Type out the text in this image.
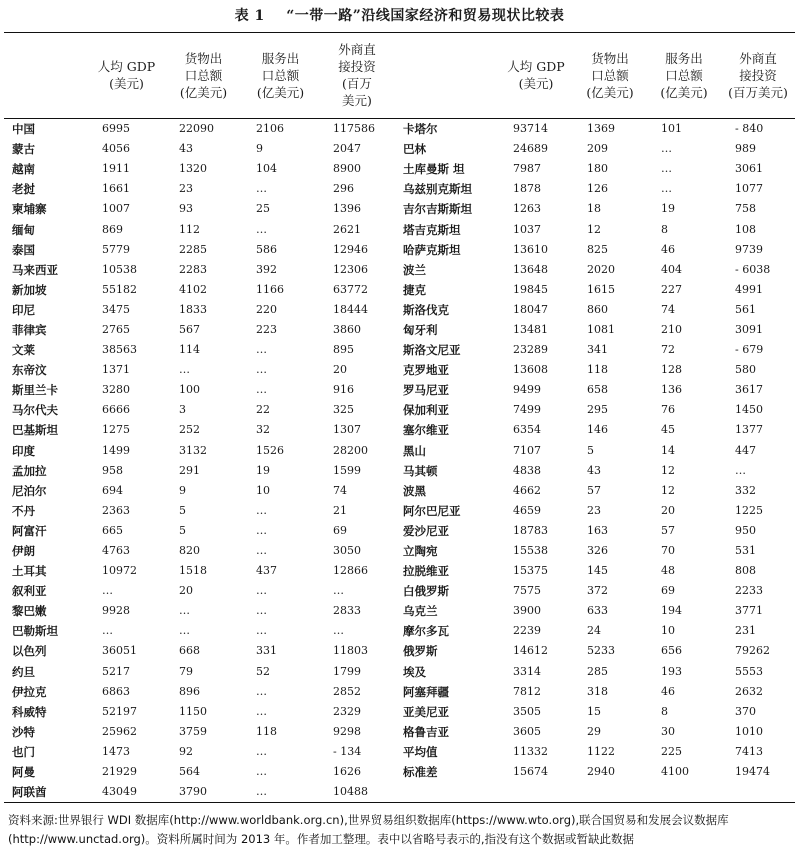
表 1 “一带一路”沿线国家经济和贸易现状比较表

	人均 GDP
(美元)	货物出
口总额
(亿美元)	服务出
口总额
(亿美元)	外商直
接投资
(百万
美元)		人均 GDP
(美元)	货物出
口总额
(亿美元)	服务出
口总额
(亿美元)	外商直
接投资
(百万美元)

中国	6995	22090	2106	117586	卡塔尔	93714	1369	101	- 840
蒙古	4056	43	9	2047	巴林	24689	209	…	989
越南	1911	1320	104	8900	土库曼斯 坦	7987	180	…	3061
老挝	1661	23	…	296	乌兹别克斯坦	1878	126	…	1077
柬埔寨	1007	93	25	1396	吉尔吉斯斯坦	1263	18	19	758
缅甸	869	112	…	2621	塔吉克斯坦	1037	12	8	108
泰国	5779	2285	586	12946	哈萨克斯坦	13610	825	46	9739
马来西亚	10538	2283	392	12306	波兰	13648	2020	404	- 6038
新加坡	55182	4102	1166	63772	捷克	19845	1615	227	4991
印尼	3475	1833	220	18444	斯洛伐克	18047	860	74	561
菲律宾	2765	567	223	3860	匈牙利	13481	1081	210	3091
文莱	38563	114	…	895	斯洛文尼亚	23289	341	72	- 679
东帝汶	1371	…	…	20	克罗地亚	13608	118	128	580
斯里兰卡	3280	100	…	916	罗马尼亚	9499	658	136	3617
马尔代夫	6666	3	22	325	保加利亚	7499	295	76	1450
巴基斯坦	1275	252	32	1307	塞尔维亚	6354	146	45	1377
印度	1499	3132	1526	28200	黑山	7107	5	14	447
孟加拉	958	291	19	1599	马其顿	4838	43	12	…
尼泊尔	694	9	10	74	波黑	4662	57	12	332
不丹	2363	5	…	21	阿尔巴尼亚	4659	23	20	1225
阿富汗	665	5	…	69	爱沙尼亚	18783	163	57	950
伊朗	4763	820	…	3050	立陶宛	15538	326	70	531
土耳其	10972	1518	437	12866	拉脱维亚	15375	145	48	808
叙利亚	…	20	…	…	白俄罗斯	7575	372	69	2233
黎巴嫩	9928	…	…	2833	乌克兰	3900	633	194	3771
巴勒斯坦	…	…	…	…	摩尔多瓦	2239	24	10	231
以色列	36051	668	331	11803	俄罗斯	14612	5233	656	79262
约旦	5217	79	52	1799	埃及	3314	285	193	5553
伊拉克	6863	896	…	2852	阿塞拜疆	7812	318	46	2632
科威特	52197	1150	…	2329	亚美尼亚	3505	15	8	370
沙特	25962	3759	118	9298	格鲁吉亚	3605	29	30	1010
也门	1473	92	…	- 134	平均值	11332	1122	225	7413
阿曼	21929	564	…	1626	标准差	15674	2940	4100	19474
阿联酋	43049	3790	…	10488					
资料来源:世界银行 WDI 数据库(http://www.worldbank.org.cn),世界贸易组织数据库(https://www.wto.org),联合国贸易和发展会议数据库(http://www.unctad.org)。资料所属时间为 2013 年。作者加工整理。表中以省略号表示的,指没有这个数据或暂缺此数据
